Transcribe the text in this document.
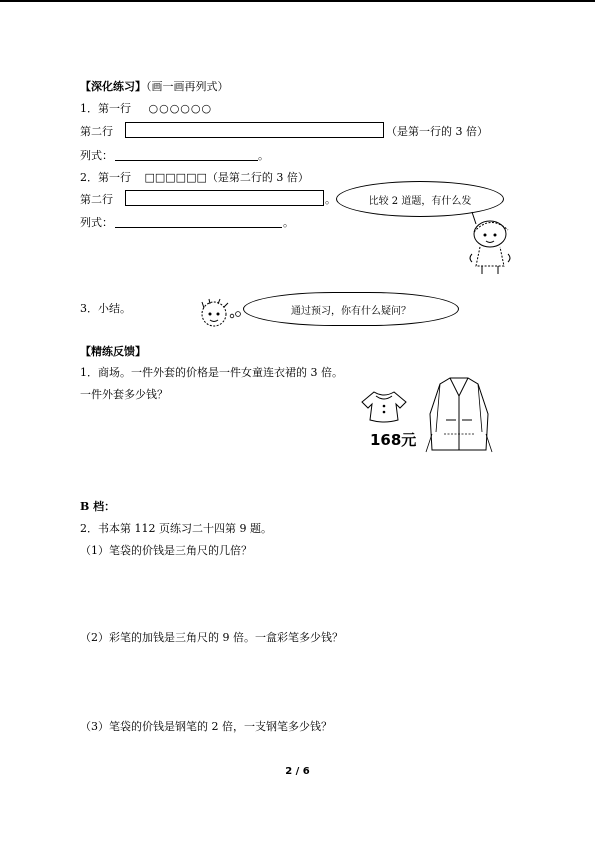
【深化练习】（画一画再列式）
1．第一行 ○○○○○○
第二行	（是第一行的 3 倍）
列式：	。
2．第一行 □□□□□□（是第二行的 3 倍）
第二行	。
列式：	。
比较 2 道题，有什么发
3．小结。	通过预习，你有什么疑问？
【精练反馈】
1．商场。一件外套的价格是一件女童连衣裙的 3 倍。
一件外套多少钱？
168元
B 档：
2．书本第 112 页练习二十四第 9 题。
（1）笔袋的价钱是三角尺的几倍？
（2）彩笔的加钱是三角尺的 9 倍。一盒彩笔多少钱？
（3）笔袋的价钱是钢笔的 2 倍，一支钢笔多少钱？
2 / 6
